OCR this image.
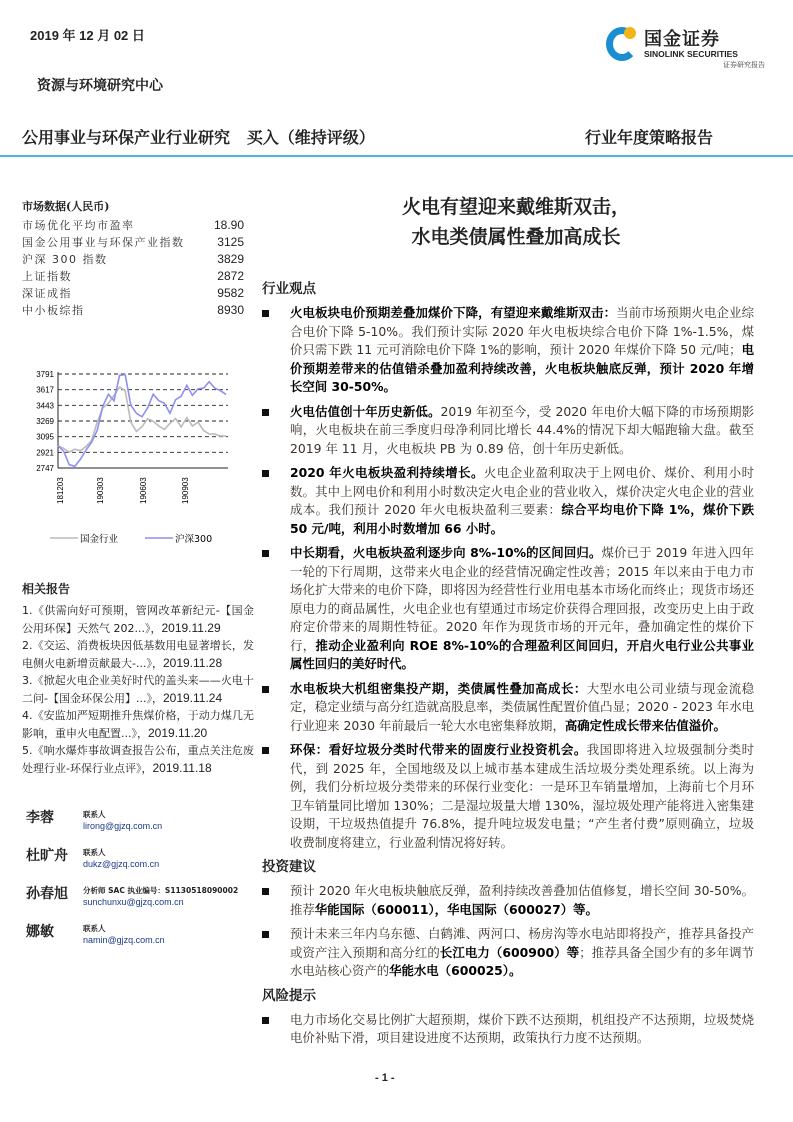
2019 年 12 月 02 日	国金证券
SINOLINK SECURITIES
证券研究报告
资源与环境研究中心
公用事业与环保产业行业研究   买入（维持评级）	行业年度策略报告
市场数据(人民币)
市场优化平均市盈率	18.90
国金公用事业与环保产业指数	3125
沪深 300 指数	3829
上证指数	2872
深证成指	9582
中小板综指	8930
3791
3617
3443
3269
3095
2921
2747
181203	190303	190603	190903
国金行业	沪深300
相关报告
1.《供需向好可预期，管网改革新纪元-【国金公用环保】天然气 202...》，2019.11.29
2.《交运、消费板块因低基数用电显著增长，发电侧火电新增贡献最大-...》，2019.11.28
3.《掀起火电企业美好时代的盖头来——火电十二问-【国金环保公用】...》，2019.11.24
4.《安监加严短期推升焦煤价格，于动力煤几无影响，重申火电配置...》，2019.11.20
5.《响水爆炸事故调查报告公布，重点关注危废处理行业-环保行业点评》，2019.11.18
李蓉	联系人
lirong@gjzq.com.cn
杜旷舟 联系人
dukz@gjzq.com.cn
孙春旭 分析师 SAC 执业编号：S1130518090002
sunchunxu@gjzq.com.cn
娜敏	联系人
namin@gjzq.com.cn
火电有望迎来戴维斯双击，
水电类债属性叠加高成长
行业观点
火电板块电价预期差叠加煤价下降，有望迎来戴维斯双击：当前市场预期火电企业综合电价下降 5-10%。我们预计实际 2020 年火电板块综合电价下降 1%-1.5%，煤价只需下跌 11 元可消除电价下降 1%的影响，预计 2020 年煤价下降 50 元/吨；电价预期差带来的估值错杀叠加盈利持续改善，火电板块触底反弹，预计 2020 年增长空间 30-50%。
火电估值创十年历史新低。2019 年初至今，受 2020 年电价大幅下降的市场预期影响，火电板块在前三季度归母净利同比增长 44.4%的情况下却大幅跑输大盘。截至 2019 年 11 月，火电板块 PB 为 0.89 倍，创十年历史新低。
2020 年火电板块盈利持续增长。火电企业盈利取决于上网电价、煤价、利用小时数。其中上网电价和利用小时数决定火电企业的营业收入，煤价决定火电企业的营业成本。我们预计 2020 年火电板块盈利三要素：综合平均电价下降 1%，煤价下跌 50 元/吨，利用小时数增加 66 小时。
中长期看，火电板块盈利逐步向 8%-10%的区间回归。煤价已于 2019 年进入四年一轮的下行周期，这带来火电企业的经营情况确定性改善；2015 年以来由于电力市场化扩大带来的电价下降，即将因为经营性行业用电基本市场化而终止；现货市场还原电力的商品属性，火电企业也有望通过市场定价获得合理回报，改变历史上由于政府定价带来的周期性特征。2020 年作为现货市场的开元年，叠加确定性的煤价下行，推动企业盈利向 ROE 8%-10%的合理盈利区间回归，开启火电行业公共事业属性回归的美好时代。
水电板块大机组密集投产期，类债属性叠加高成长：大型水电公司业绩与现金流稳定，稳定业绩与高分红造就高股息率，类债属性配置价值凸显；2020 - 2023 年水电行业迎来 2030 年前最后一轮大水电密集释放期，高确定性成长带来估值溢价。
环保：看好垃圾分类时代带来的固废行业投资机会。我国即将进入垃圾强制分类时代，到 2025 年，全国地级及以上城市基本建成生活垃圾分类处理系统。以上海为例，我们分析垃圾分类带来的环保行业变化：一是环卫车销量增加，上海前七个月环卫车销量同比增加 130%；二是湿垃圾量大增 130%，湿垃圾处理产能将进入密集建设期，干垃圾热值提升 76.8%，提升吨垃圾发电量；“产生者付费”原则确立，垃圾收费制度将建立，行业盈利情况将好转。
投资建议
预计 2020 年火电板块触底反弹，盈利持续改善叠加估值修复，增长空间 30-50%。推荐华能国际（600011），华电国际（600027）等。
预计未来三年内乌东德、白鹤滩、两河口、杨房沟等水电站即将投产，推荐具备投产或资产注入预期和高分红的长江电力（600900）等；推荐具备全国少有的多年调节水电站核心资产的华能水电（600025）。
风险提示
电力市场化交易比例扩大超预期，煤价下跌不达预期，机组投产不达预期，垃圾焚烧电价补贴下滑，项目建设进度不达预期，政策执行力度不达预期。
- 1 -
